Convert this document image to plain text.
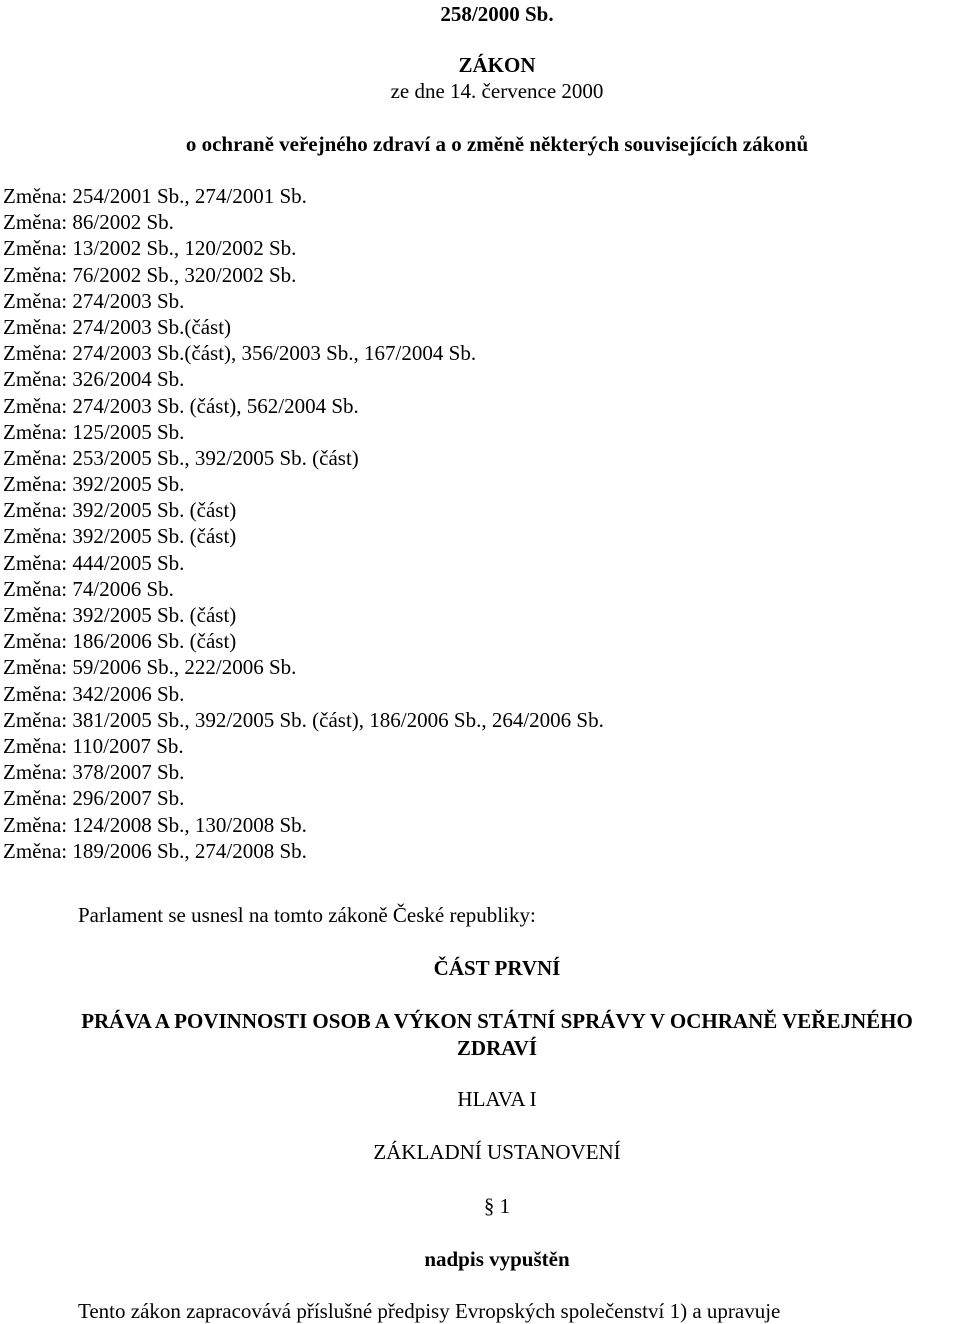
258/2000 Sb.
ZÁKON
ze dne 14. července 2000
o ochraně veřejného zdraví a o změně některých souvisejících zákonů
Změna: 254/2001 Sb., 274/2001 Sb.
Změna: 86/2002 Sb.
Změna: 13/2002 Sb., 120/2002 Sb.
Změna: 76/2002 Sb., 320/2002 Sb.
Změna: 274/2003 Sb.
Změna: 274/2003 Sb.(část)
Změna: 274/2003 Sb.(část), 356/2003 Sb., 167/2004 Sb.
Změna: 326/2004 Sb.
Změna: 274/2003 Sb. (část), 562/2004 Sb.
Změna: 125/2005 Sb.
Změna: 253/2005 Sb., 392/2005 Sb. (část)
Změna: 392/2005 Sb.
Změna: 392/2005 Sb. (část)
Změna: 392/2005 Sb. (část)
Změna: 444/2005 Sb.
Změna: 74/2006 Sb.
Změna: 392/2005 Sb. (část)
Změna: 186/2006 Sb. (část)
Změna: 59/2006 Sb., 222/2006 Sb.
Změna: 342/2006 Sb.
Změna: 381/2005 Sb., 392/2005 Sb. (část), 186/2006 Sb., 264/2006 Sb.
Změna: 110/2007 Sb.
Změna: 378/2007 Sb.
Změna: 296/2007 Sb.
Změna: 124/2008 Sb., 130/2008 Sb.
Změna: 189/2006 Sb., 274/2008 Sb.
Parlament se usnesl na tomto zákoně České republiky:
ČÁST PRVNÍ
PRÁVA A POVINNOSTI OSOB A VÝKON STÁTNÍ SPRÁVY V OCHRANĚ VEŘEJNÉHO
ZDRAVÍ
HLAVA I
ZÁKLADNÍ USTANOVENÍ
§ 1
nadpis vypuštěn
Tento zákon zapracovává příslušné předpisy Evropských společenství 1) a upravuje
